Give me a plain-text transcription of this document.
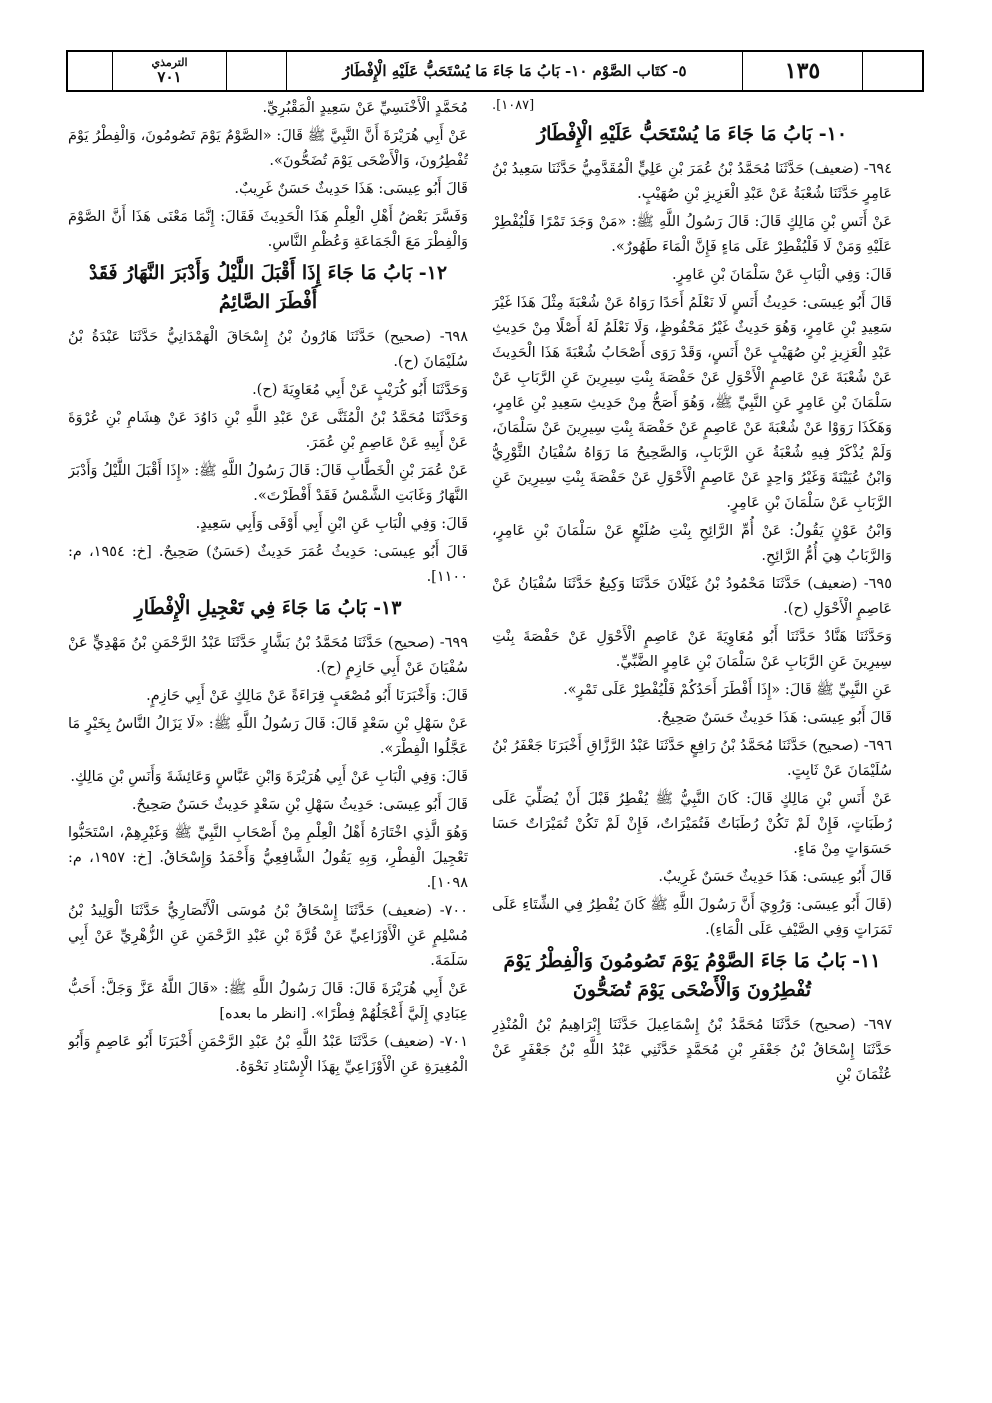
الترمذي
٧٠١	٥- كتَاب الصَّوْم ١٠- بَابُ مَا جَاءَ مَا يُسْتَحَبُّ عَلَيْهِ الْإِفْطَارُ	١٣٥

[١٠٨٧].

١٠- بَابُ مَا جَاءَ مَا يُسْتَحَبُّ عَلَيْهِ الْإِفْطَارُ

٦٩٤- (ضعيف) حَدَّثَنَا مُحَمَّدُ بْنُ عُمَرَ بْنِ عَلِيٍّ الْمُقَدَّمِيُّ حَدَّثَنَا سَعِيدُ بْنُ عَامِرٍ حَدَّثَنَا شُعْبَةُ عَنْ عَبْدِ الْعَزِيزِ بْنِ صُهَيْبٍ.

عَنْ أَنَسِ بْنِ مَالِكٍ قَالَ: قَالَ رَسُولُ اللَّهِ ﷺ: «مَنْ وَجَدَ تَمْرًا فَلْيُفْطِرْ عَلَيْهِ وَمَنْ لَا فَلْيُفْطِرْ عَلَى مَاءٍ فَإِنَّ الْمَاءَ طَهُورٌ».

قَالَ: وَفِي الْبَابِ عَنْ سَلْمَانَ بْنِ عَامِرٍ.

قَالَ أَبُو عِيسَى: حَدِيثُ أَنَسٍ لَا نَعْلَمُ أَحَدًا رَوَاهُ عَنْ شُعْبَةَ مِثْلَ هَذَا غَيْرَ سَعِيدِ بْنِ عَامِرٍ، وَهُوَ حَدِيثٌ غَيْرُ مَحْفُوظٍ، وَلَا نَعْلَمُ لَهُ أَصْلًا مِنْ حَدِيثِ عَبْدِ الْعَزِيزِ بْنِ صُهَيْبٍ عَنْ أَنَسٍ، وَقَدْ رَوَى أَصْحَابُ شُعْبَةَ هَذَا الْحَدِيثَ عَنْ شُعْبَةَ عَنْ عَاصِمٍ الْأَحْوَلِ عَنْ حَفْصَةَ بِنْتِ سِيرِينَ عَنِ الرَّبَابِ عَنْ سَلْمَانَ بْنِ عَامِرٍ عَنِ النَّبِيِّ ﷺ، وَهُوَ أَصَحُّ مِنْ حَدِيثِ سَعِيدِ بْنِ عَامِرٍ، وَهَكَذَا رَوَوْا عَنْ شُعْبَةَ عَنْ عَاصِمٍ عَنْ حَفْصَةَ بِنْتِ سِيرِينَ عَنْ سَلْمَانَ، وَلَمْ يُذْكَرْ فِيهِ شُعْبَةُ عَنِ الرَّبَابِ، وَالصَّحِيحُ مَا رَوَاهُ سُفْيَانُ الثَّوْرِيُّ وَابْنُ عُيَيْنَةَ وَغَيْرُ وَاحِدٍ عَنْ عَاصِمٍ الْأَحْوَلِ عَنْ حَفْصَةَ بِنْتِ سِيرِينَ عَنِ الرَّبَابِ عَنْ سَلْمَانَ بْنِ عَامِرٍ.

وَابْنُ عَوْنٍ يَقُولُ: عَنْ أُمِّ الرَّائِحِ بِنْتِ صُلَيْعٍ عَنْ سَلْمَانَ بْنِ عَامِرٍ، وَالرَّبَابُ هِيَ أُمُّ الرَّائِحِ.

٦٩٥- (ضعيف) حَدَّثَنَا مَحْمُودُ بْنُ غَيْلَانَ حَدَّثَنَا وَكِيعٌ حَدَّثَنَا سُفْيَانُ عَنْ عَاصِمٍ الْأَحْوَلِ (ح).

وَحَدَّثَنَا هَنَّادٌ حَدَّثَنَا أَبُو مُعَاوِيَةَ عَنْ عَاصِمٍ الْأَحْوَلِ عَنْ حَفْصَةَ بِنْتِ سِيرِينَ عَنِ الرَّبَابِ عَنْ سَلْمَانَ بْنِ عَامِرٍ الضَّبِّيِّ.

عَنِ النَّبِيِّ ﷺ قَالَ: «إِذَا أَفْطَرَ أَحَدُكُمْ فَلْيُفْطِرْ عَلَى تَمْرٍ».

قَالَ أَبُو عِيسَى: هَذَا حَدِيثٌ حَسَنٌ صَحِيحٌ.

٦٩٦- (صحيح) حَدَّثَنَا مُحَمَّدُ بْنُ رَافِعٍ حَدَّثَنَا عَبْدُ الرَّزَّاقِ أَخْبَرَنَا جَعْفَرُ بْنُ سُلَيْمَانَ عَنْ ثَابِتٍ.

عَنْ أَنَسِ بْنِ مَالِكٍ قَالَ: كَانَ النَّبِيُّ ﷺ يُفْطِرُ قَبْلَ أَنْ يُصَلِّيَ عَلَى رُطَبَاتٍ، فَإِنْ لَمْ تَكُنْ رُطَبَاتٌ فَتُمَيْرَاتٌ، فَإِنْ لَمْ تَكُنْ تُمَيْرَاتٌ حَسَا حَسَوَاتٍ مِنْ مَاءٍ.

قَالَ أَبُو عِيسَى: هَذَا حَدِيثٌ حَسَنٌ غَرِيبٌ.

(قَالَ أَبُو عِيسَى: وَرُوِيَ أَنَّ رَسُولَ اللَّهِ ﷺ كَانَ يُفْطِرُ فِي الشِّتَاءِ عَلَى تَمَرَاتٍ وَفِي الصَّيْفِ عَلَى الْمَاءِ).

١١- بَابُ مَا جَاءَ الصَّوْمُ يَوْمَ تَصُومُونَ وَالْفِطْرُ يَوْمَ تُفْطِرُونَ وَالْأَضْحَى يَوْمَ تُضَحُّونَ

٦٩٧- (صحيح) حَدَّثَنَا مُحَمَّدُ بْنُ إِسْمَاعِيلَ حَدَّثَنَا إِبْرَاهِيمُ بْنُ الْمُنْذِرِ حَدَّثَنَا إِسْحَاقُ بْنُ جَعْفَرِ بْنِ مُحَمَّدٍ حَدَّثَنِي عَبْدُ اللَّهِ بْنُ جَعْفَرٍ عَنْ عُثْمَانَ بْنِ

مُحَمَّدٍ الْأَخْنَسِيِّ عَنْ سَعِيدٍ الْمَقْبُرِيِّ.

عَنْ أَبِي هُرَيْرَةَ أَنَّ النَّبِيَّ ﷺ قَالَ: «الصَّوْمُ يَوْمَ تَصُومُونَ، وَالْفِطْرُ يَوْمَ تُفْطِرُونَ، وَالْأَضْحَى يَوْمَ تُضَحُّونَ».

قَالَ أَبُو عِيسَى: هَذَا حَدِيثٌ حَسَنٌ غَرِيبٌ.

وَفَسَّرَ بَعْضُ أَهْلِ الْعِلْمِ هَذَا الْحَدِيثَ فَقَالَ: إِنَّمَا مَعْنَى هَذَا أَنَّ الصَّوْمَ وَالْفِطْرَ مَعَ الْجَمَاعَةِ وَعُظْمِ النَّاسِ.

١٢- بَابُ مَا جَاءَ إِذَا أَقْبَلَ اللَّيْلُ وَأَدْبَرَ النَّهَارُ فَقَدْ أَفْطَرَ الصَّائِمُ

٦٩٨- (صحيح) حَدَّثَنَا هَارُونُ بْنُ إِسْحَاقَ الْهَمْدَانِيُّ حَدَّثَنَا عَبْدَةُ بْنُ سُلَيْمَانَ (ح).

وَحَدَّثَنَا أَبُو كُرَيْبٍ عَنْ أَبِي مُعَاوِيَةَ (ح).

وَحَدَّثَنَا مُحَمَّدُ بْنُ الْمُثَنَّى عَنْ عَبْدِ اللَّهِ بْنِ دَاوُدَ عَنْ هِشَامِ بْنِ عُرْوَةَ عَنْ أَبِيهِ عَنْ عَاصِمِ بْنِ عُمَرَ.

عَنْ عُمَرَ بْنِ الْخَطَّابِ قَالَ: قَالَ رَسُولُ اللَّهِ ﷺ: «إِذَا أَقْبَلَ اللَّيْلُ وَأَدْبَرَ النَّهَارُ وَغَابَتِ الشَّمْسُ فَقَدْ أَفْطَرْتَ».

قَالَ: وَفِي الْبَابِ عَنِ ابْنِ أَبِي أَوْفَى وَأَبِي سَعِيدٍ.

قَالَ أَبُو عِيسَى: حَدِيثُ عُمَرَ حَدِيثٌ (حَسَنٌ) صَحِيحٌ. [خ: ١٩٥٤، م: ١١٠٠].

١٣- بَابُ مَا جَاءَ فِي تَعْجِيلِ الْإِفْطَارِ

٦٩٩- (صحيح) حَدَّثَنَا مُحَمَّدُ بْنُ بَشَّارٍ حَدَّثَنَا عَبْدُ الرَّحْمَنِ بْنُ مَهْدِيٍّ عَنْ سُفْيَانَ عَنْ أَبِي حَازِمٍ (ح).

قَالَ: وَأَخْبَرَنَا أَبُو مُصْعَبٍ قِرَاءَةً عَنْ مَالِكٍ عَنْ أَبِي حَازِمٍ.

عَنْ سَهْلِ بْنِ سَعْدٍ قَالَ: قَالَ رَسُولُ اللَّهِ ﷺ: «لَا يَزَالُ النَّاسُ بِخَيْرٍ مَا عَجَّلُوا الْفِطْرَ».

قَالَ: وَفِي الْبَابِ عَنْ أَبِي هُرَيْرَةَ وَابْنِ عَبَّاسٍ وَعَائِشَةَ وَأَنَسِ بْنِ مَالِكٍ.

قَالَ أَبُو عِيسَى: حَدِيثُ سَهْلِ بْنِ سَعْدٍ حَدِيثٌ حَسَنٌ صَحِيحٌ.

وَهُوَ الَّذِي اخْتَارَهُ أَهْلُ الْعِلْمِ مِنْ أَصْحَابِ النَّبِيِّ ﷺ وَغَيْرِهِمْ، اسْتَحَبُّوا تَعْجِيلَ الْفِطْرِ، وَبِهِ يَقُولُ الشَّافِعِيُّ وَأَحْمَدُ وَإِسْحَاقُ. [خ: ١٩٥٧، م: ١٠٩٨].

٧٠٠- (ضعيف) حَدَّثَنَا إِسْحَاقُ بْنُ مُوسَى الْأَنْصَارِيُّ حَدَّثَنَا الْوَلِيدُ بْنُ مُسْلِمٍ عَنِ الْأَوْزَاعِيِّ عَنْ قُرَّةَ بْنِ عَبْدِ الرَّحْمَنِ عَنِ الزُّهْرِيِّ عَنْ أَبِي سَلَمَةَ.

عَنْ أَبِي هُرَيْرَةَ قَالَ: قَالَ رَسُولُ اللَّهِ ﷺ: «قَالَ اللَّهُ عَزَّ وَجَلَّ: أَحَبُّ عِبَادِي إِلَيَّ أَعْجَلُهُمْ فِطْرًا». [انظر ما بعده]

٧٠١- (ضعيف) حَدَّثَنَا عَبْدُ اللَّهِ بْنُ عَبْدِ الرَّحْمَنِ أَخْبَرَنَا أَبُو عَاصِمٍ وَأَبُو الْمُغِيرَةِ عَنِ الْأَوْزَاعِيِّ بِهَذَا الْإِسْنَادِ نَحْوَهُ.
